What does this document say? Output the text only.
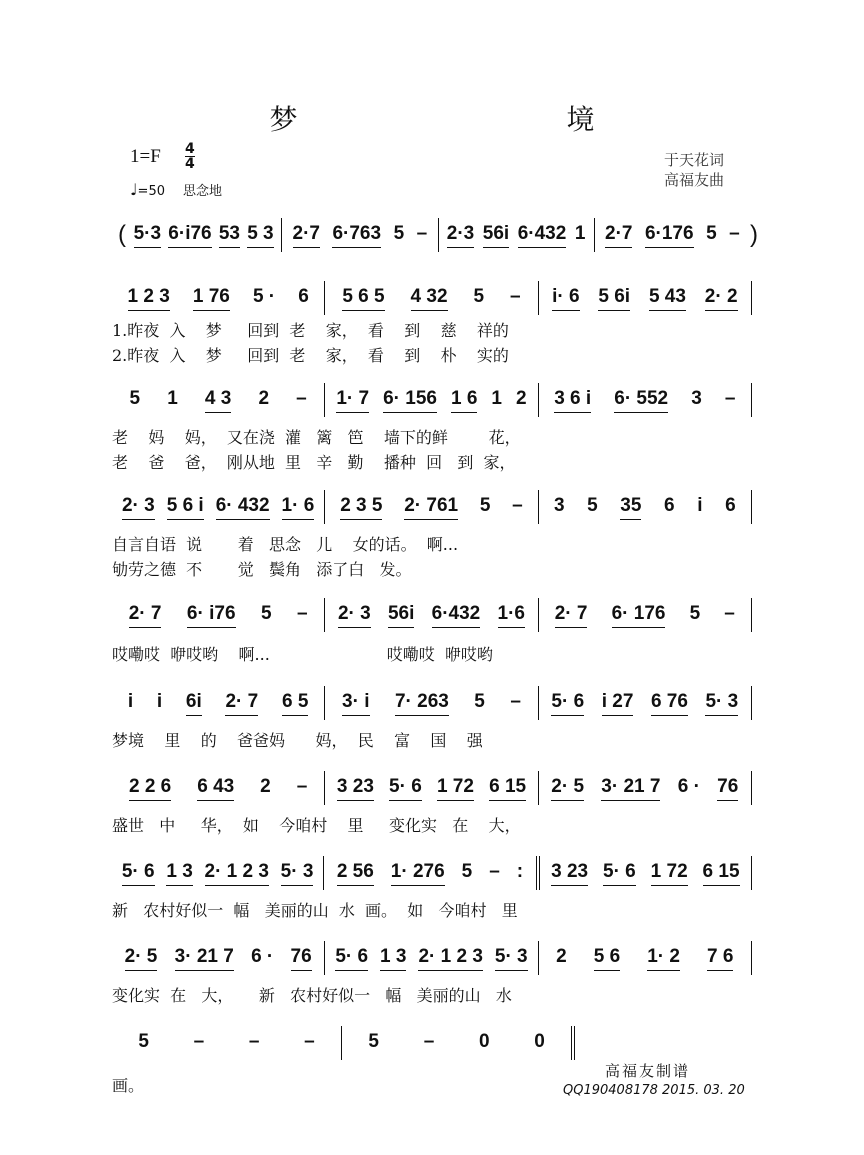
梦 境
1=F 4
4
♩=50 思念地
于天花词
高福友曲
( 5·3 6·i76 53 5 3 2·7 6·763 5 – 2·3 56i 6·432 1 2·7 6·176 5 – )
1 2 3 1 76 5 · 6 5 6 5 4 32 5 – i· 6 5 6i 5 43 2· 2
1.昨夜  入    梦     回到  老    家，  看    到    慈    祥的
2.昨夜  入    梦     回到  老    家，  看    到    朴    实的
5 1 4 3 2 – 1· 7 6· 156 1 6 1 2 3 6 i 6· 552 3 –
老    妈    妈，  又在浇  灌   篱   笆    墙下的鲜        花，
老    爸    爸，  刚从地  里   辛   勤    播种  回   到  家，
2· 3 5 6 i 6· 432 1· 6 2 3 5 2· 761 5 – 3 5 35 6 i 6
自言自语  说       着   思念   儿    女的话。  啊...
劬劳之德  不       觉   鬓角   添了白   发。
2· 7 6· i76 5 – 2· 3 56i 6·432 1·6 2· 7 6· 176 5 –
哎嘞哎  咿哎哟    啊...                       哎嘞哎  咿哎哟
i i 6i 2· 7 6 5 3· i 7· 263 5 – 5· 6 i 27 6 76 5· 3
梦境    里    的    爸爸妈      妈，  民    富    国    强
2 2 6 6 43 2 – 3 23 5· 6 1 72 6 15 2· 5 3· 21 7 6 · 76
盛世   中     华，  如    今咱村    里     变化实   在    大，
5· 6 1 3 2· 1 2 3 5· 3 2 56 1· 276 5 – : 3 23 5· 6 1 72 6 15
新   农村好似一  幅   美丽的山  水  画。  如   今咱村   里
2· 5 3· 21 7 6 · 76 5· 6 1 3 2· 1 2 3 5· 3 2 5 6 1· 2 7 6
变化实  在   大，     新   农村好似一   幅   美丽的山   水
5 – – –	5 – 0 0
画。
高福友制谱
QQ190408178 2015. 03. 20
